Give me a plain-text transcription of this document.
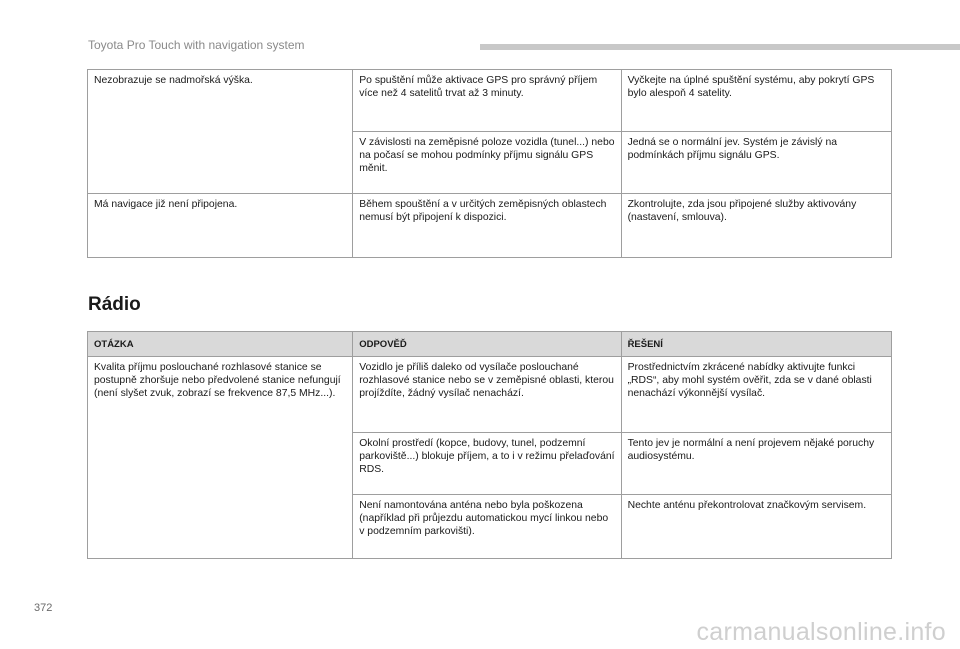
Toyota Pro Touch with navigation system
Nezobrazuje se nadmořská výška.	Po spuštění může aktivace GPS pro správný příjem více než 4 satelitů trvat až 3 minuty.	Vyčkejte na úplné spuštění systému, aby pokrytí GPS bylo alespoň 4 satelity.
	V závislosti na zeměpisné poloze vozidla (tunel...) nebo na počasí se mohou podmínky příjmu signálu GPS měnit.	Jedná se o normální jev. Systém je závislý na podmínkách příjmu signálu GPS.
Má navigace již není připojena.	Během spouštění a v určitých zeměpisných oblastech nemusí být připojení k dispozici.	Zkontrolujte, zda jsou připojené služby aktivovány (nastavení, smlouva).
Rádio
OTÁZKA	ODPOVĚĎ	ŘEŠENÍ
Kvalita příjmu poslouchané rozhlasové stanice se postupně zhoršuje nebo předvolené stanice nefungují (není slyšet zvuk, zobrazí se frekvence 87,5 MHz...).	Vozidlo je příliš daleko od vysílače poslouchané rozhlasové stanice nebo se v zeměpisné oblasti, kterou projíždíte, žádný vysílač nenachází.	Prostřednictvím zkrácené nabídky aktivujte funkci „RDS“, aby mohl systém ověřit, zda se v dané oblasti nenachází výkonnější vysílač.
	Okolní prostředí (kopce, budovy, tunel, podzemní parkoviště...) blokuje příjem, a to i v režimu přelaďování RDS.	Tento jev je normální a není projevem nějaké poruchy audiosystému.
	Není namontována anténa nebo byla poškozena (například při průjezdu automatickou mycí linkou nebo v podzemním parkovišti).	Nechte anténu překontrolovat značkovým servisem.
372
carmanualsonline.info
